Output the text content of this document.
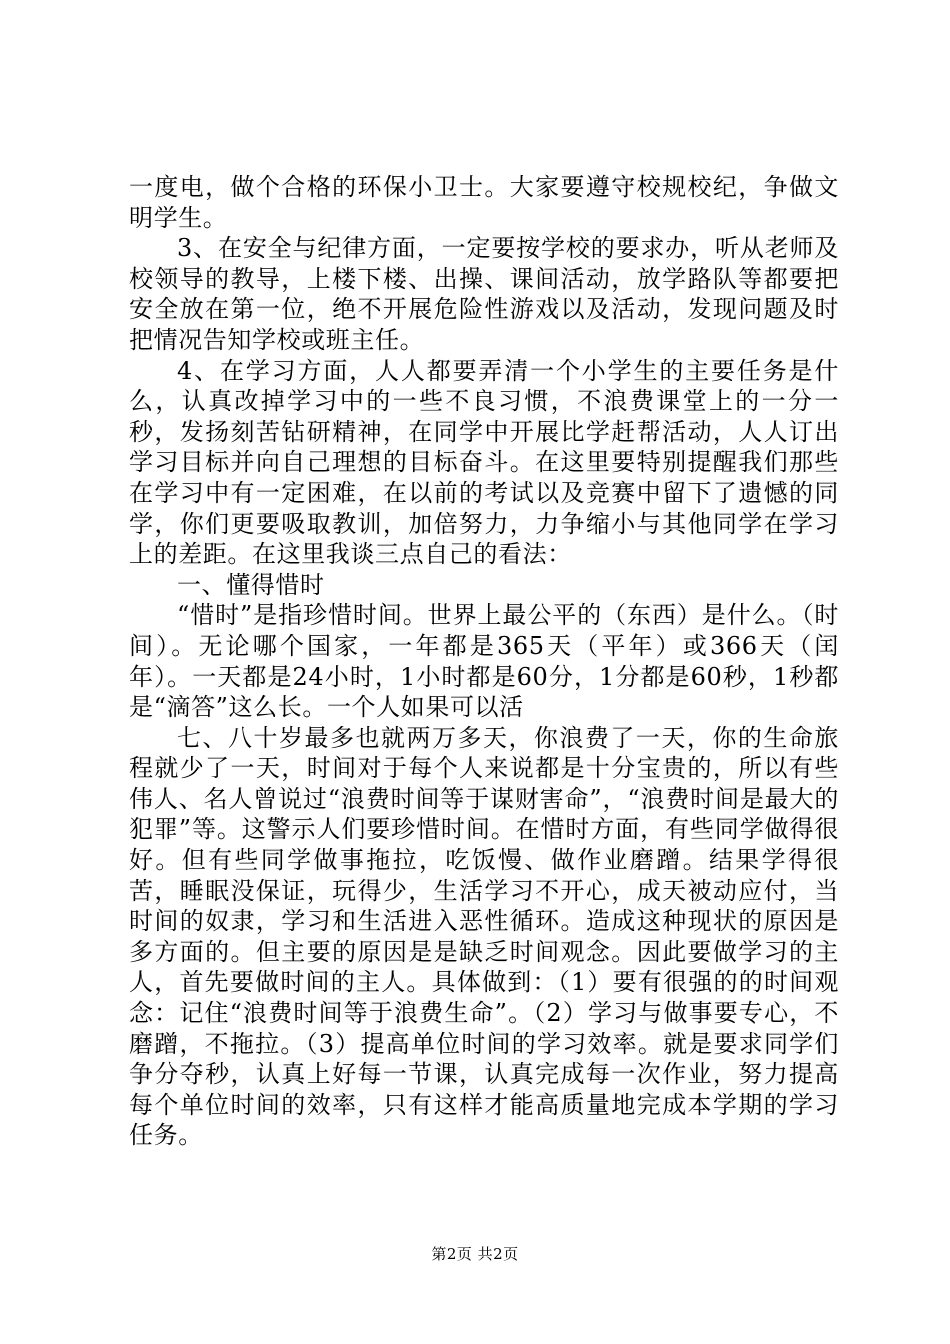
一度电，做个合格的环保小卫士。大家要遵守校规校纪，争做文明学生。

3、在安全与纪律方面，一定要按学校的要求办，听从老师及校领导的教导，上楼下楼、出操、课间活动，放学路队等都要把安全放在第一位，绝不开展危险性游戏以及活动，发现问题及时把情况告知学校或班主任。

4、在学习方面，人人都要弄清一个小学生的主要任务是什么，认真改掉学习中的一些不良习惯，不浪费课堂上的一分一秒，发扬刻苦钻研精神，在同学中开展比学赶帮活动，人人订出学习目标并向自己理想的目标奋斗。在这里要特别提醒我们那些在学习中有一定困难，在以前的考试以及竞赛中留下了遗憾的同学，你们更要吸取教训，加倍努力，力争缩小与其他同学在学习上的差距。在这里我谈三点自己的看法：

一、懂得惜时

“惜时”是指珍惜时间。世界上最公平的（东西）是什么。（时间）。无论哪个国家，一年都是365天（平年）或366天（闰年）。一天都是24小时，1小时都是60分，1分都是60秒，1秒都是“滴答”这么长。一个人如果可以活

七、八十岁最多也就两万多天，你浪费了一天，你的生命旅程就少了一天，时间对于每个人来说都是十分宝贵的，所以有些伟人、名人曾说过“浪费时间等于谋财害命”，“浪费时间是最大的犯罪”等。这警示人们要珍惜时间。在惜时方面，有些同学做得很好。但有些同学做事拖拉，吃饭慢、做作业磨蹭。结果学得很苦，睡眠没保证，玩得少，生活学习不开心，成天被动应付，当时间的奴隶，学习和生活进入恶性循环。造成这种现状的原因是多方面的。但主要的原因是是缺乏时间观念。因此要做学习的主人，首先要做时间的主人。具体做到：（1）要有很强的的时间观念：记住“浪费时间等于浪费生命”。（2）学习与做事要专心，不磨蹭，不拖拉。（3）提高单位时间的学习效率。就是要求同学们争分夺秒，认真上好每一节课，认真完成每一次作业，努力提高每个单位时间的效率，只有这样才能高质量地完成本学期的学习任务。

第2页 共2页
